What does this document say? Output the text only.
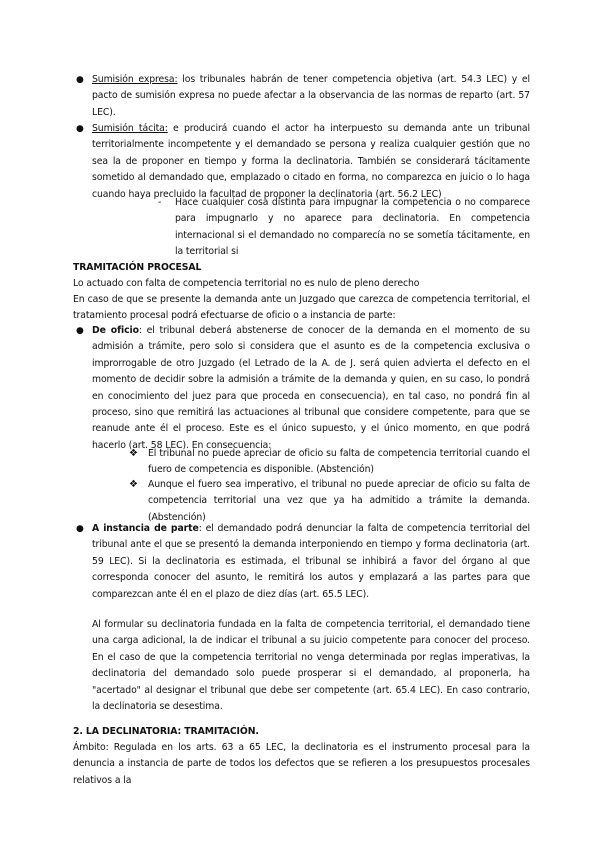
● Sumisión expresa: los tribunales habrán de tener competencia objetiva (art. 54.3 LEC) y el pacto de sumisión expresa no puede afectar a la observancia de las normas de reparto (art. 57 LEC).
● Sumisión tácita: e producirá cuando el actor ha interpuesto su demanda ante un tribunal territorialmente incompetente y el demandado se persona y realiza cualquier gestión que no sea la de proponer en tiempo y forma la declinatoria. También se considerará tácitamente sometido al demandado que, emplazado o citado en forma, no comparezca en juicio o lo haga cuando haya precluido la facultad de proponer la declinatoria (art. 56.2 LEC)
- Hace cualquier cosa distinta para impugnar la competencia o no comparece para impugnarlo y no aparece para declinatoria. En competencia internacional si el demandado no comparecía no se sometía tácitamente, en la territorial si
TRAMITACIÓN PROCESAL
Lo actuado con falta de competencia territorial no es nulo de pleno derecho
En caso de que se presente la demanda ante un Juzgado que carezca de competencia territorial, el tratamiento procesal podrá efectuarse de oficio o a instancia de parte:
● De oficio: el tribunal deberá abstenerse de conocer de la demanda en el momento de su admisión a trámite, pero solo si considera que el asunto es de la competencia exclusiva o improrrogable de otro Juzgado (el Letrado de la A. de J. será quien advierta el defecto en el momento de decidir sobre la admisión a trámite de la demanda y quien, en su caso, lo pondrá en conocimiento del juez para que proceda en consecuencia), en tal caso, no pondrá fin al proceso, sino que remitirá las actuaciones al tribunal que considere competente, para que se reanude ante él el proceso. Este es el único supuesto, y el único momento, en que podrá hacerlo (art. 58 LEC). En consecuencia:
❖ El tribunal no puede apreciar de oficio su falta de competencia territorial cuando el fuero de competencia es disponible. (Abstención)
❖ Aunque el fuero sea imperativo, el tribunal no puede apreciar de oficio su falta de competencia territorial una vez que ya ha admitido a trámite la demanda. (Abstención)
● A instancia de parte: el demandado podrá denunciar la falta de competencia territorial del tribunal ante el que se presentó la demanda interponiendo en tiempo y forma declinatoria (art. 59 LEC). Si la declinatoria es estimada, el tribunal se inhibirá a favor del órgano al que corresponda conocer del asunto, le remitirá los autos y emplazará a las partes para que comparezcan ante él en el plazo de diez días (art. 65.5 LEC).
Al formular su declinatoria fundada en la falta de competencia territorial, el demandado tiene una carga adicional, la de indicar el tribunal a su juicio competente para conocer del proceso. En el caso de que la competencia territorial no venga determinada por reglas imperativas, la declinatoria del demandado solo puede prosperar si el demandado, al proponerla, ha "acertado" al designar el tribunal que debe ser competente (art. 65.4 LEC). En caso contrario, la declinatoria se desestima.
2. LA DECLINATORIA: TRAMITACIÓN.
Ámbito: Regulada en los arts. 63 a 65 LEC, la declinatoria es el instrumento procesal para la denuncia a instancia de parte de todos los defectos que se refieren a los presupuestos procesales relativos a la
